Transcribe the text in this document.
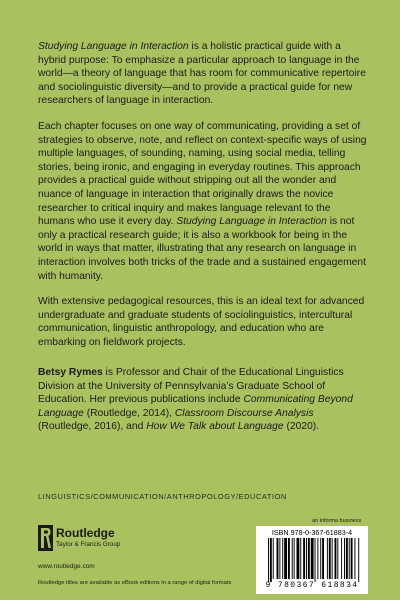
Studying Language in Interaction is a holistic practical guide with a hybrid purpose: To emphasize a particular approach to language in the world—a theory of language that has room for communicative repertoire and sociolinguistic diversity—and to provide a practical guide for new researchers of language in interaction.

Each chapter focuses on one way of communicating, providing a set of strategies to observe, note, and reflect on context-specific ways of using multiple languages, of sounding, naming, using social media, telling stories, being ironic, and engaging in everyday routines. This approach provides a practical guide without stripping out all the wonder and nuance of language in interaction that originally draws the novice researcher to critical inquiry and makes language relevant to the humans who use it every day. Studying Language in Interaction is not only a practical research guide; it is also a workbook for being in the world in ways that matter, illustrating that any research on language in interaction involves both tricks of the trade and a sustained engagement with humanity.

With extensive pedagogical resources, this is an ideal text for advanced undergraduate and graduate students of sociolinguistics, intercultural communication, linguistic anthropology, and education who are embarking on fieldwork projects.

Betsy Rymes is Professor and Chair of the Educational Linguistics Division at the University of Pennsylvania’s Graduate School of Education. Her previous publications include Communicating Beyond Language (Routledge, 2014), Classroom Discourse Analysis (Routledge, 2016), and How We Talk about Language (2020).

LINGUISTICS/COMMUNICATION/ANTHROPOLOGY/EDUCATION
Routledge
Taylor & Francis Group
www.routledge.com
Routledge titles are available as eBook editions in a range of digital formats
an informa business
ISBN 978-0-367-61883-4
9 780367 618834
